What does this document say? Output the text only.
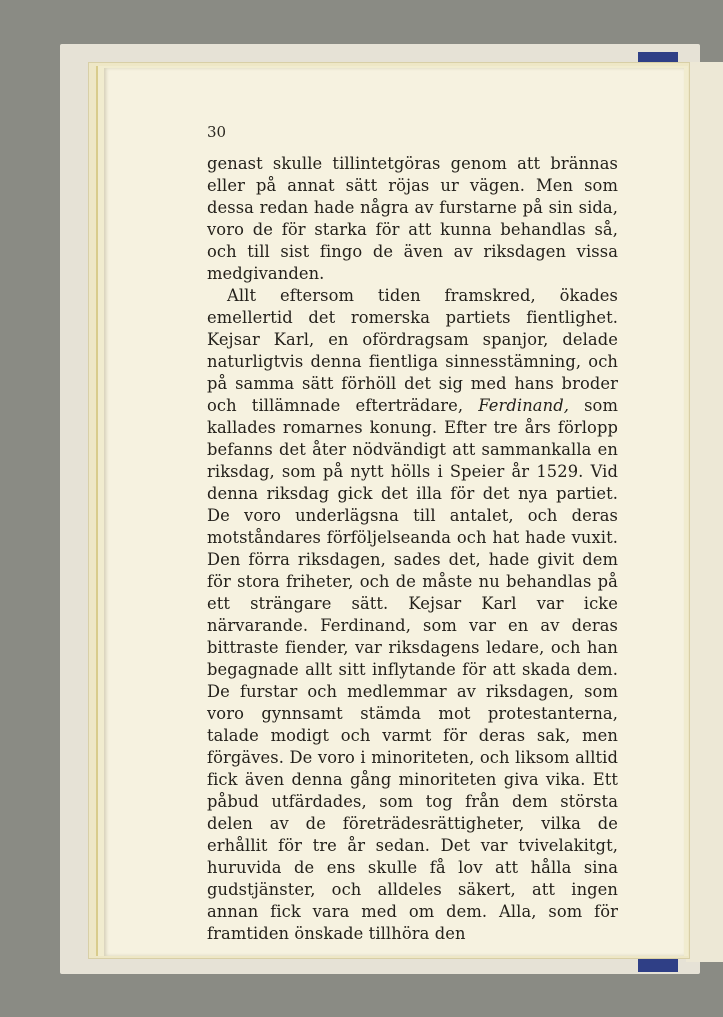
30

genast skulle tillintetgöras genom att brännas eller på annat sätt röjas ur vägen. Men som dessa redan hade några av furstarne på sin sida, voro de för starka för att kunna behandlas så, och till sist fingo de även av riksdagen vissa medgivanden.

Allt eftersom tiden framskred, ökades emellertid det romerska partiets fientlighet. Kejsar Karl, en ofördragsam spanjor, delade naturligtvis denna fientliga sinnesstämning, och på samma sätt förhöll det sig med hans broder och tillämnade efterträdare, Ferdinand, som kallades romarnes konung. Efter tre års förlopp befanns det åter nödvändigt att sammankalla en riksdag, som på nytt hölls i Speier år 1529. Vid denna riksdag gick det illa för det nya partiet. De voro underlägsna till antalet, och deras motståndares förföljelseanda och hat hade vuxit. Den förra riksdagen, sades det, hade givit dem för stora friheter, och de måste nu behandlas på ett strängare sätt. Kejsar Karl var icke närvarande. Ferdinand, som var en av deras bittraste fiender, var riksdagens ledare, och han begagnade allt sitt inflytande för att skada dem. De furstar och medlemmar av riksdagen, som voro gynnsamt stämda mot protestanterna, talade modigt och varmt för deras sak, men förgäves. De voro i minoriteten, och liksom alltid fick även denna gång minoriteten giva vika. Ett påbud utfärdades, som tog från dem största delen av de företrädesrättigheter, vilka de erhållit för tre år sedan. Det var tvivelakitgt, huruvida de ens skulle få lov att hålla sina gudstjänster, och alldeles säkert, att ingen annan fick vara med om dem. Alla, som för framtiden önskade tillhöra den
